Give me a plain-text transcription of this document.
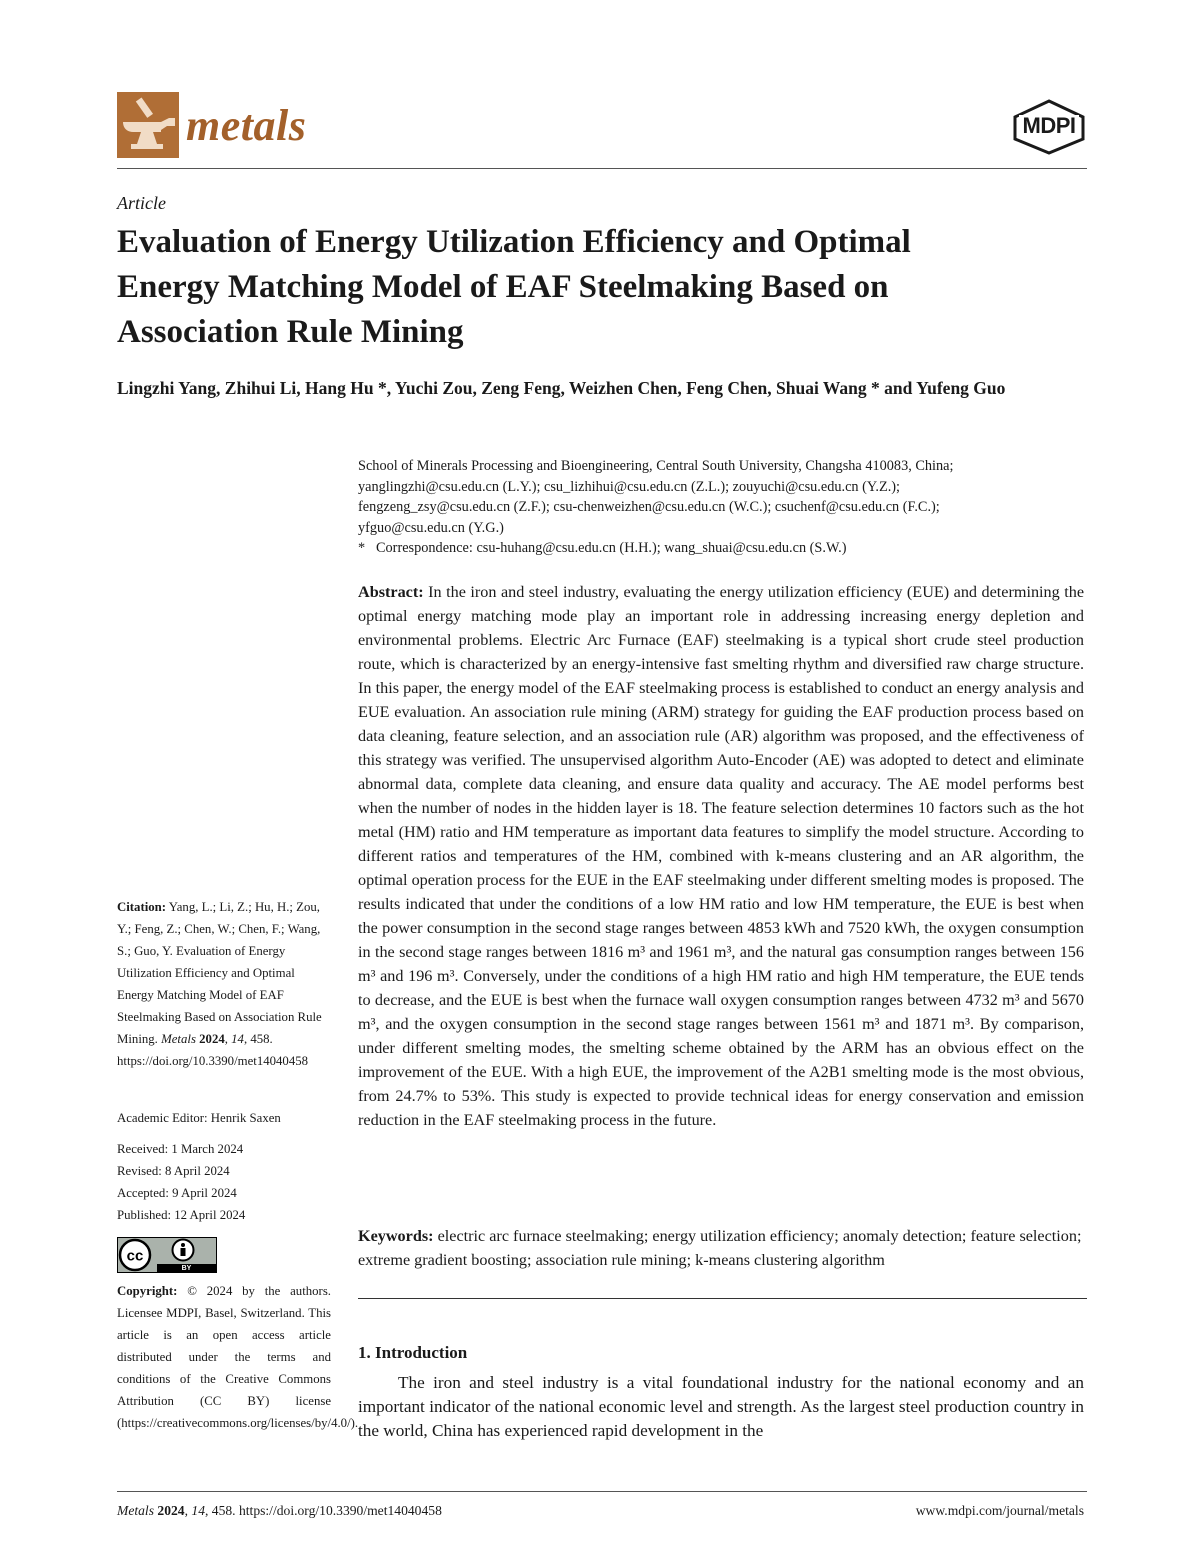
metals	MDPI
Article
Evaluation of Energy Utilization Efficiency and Optimal Energy Matching Model of EAF Steelmaking Based on Association Rule Mining

Lingzhi Yang, Zhihui Li, Hang Hu *, Yuchi Zou, Zeng Feng, Weizhen Chen, Feng Chen, Shuai Wang * and Yufeng Guo

School of Minerals Processing and Bioengineering, Central South University, Changsha 410083, China;
yanglingzhi@csu.edu.cn (L.Y.); csu_lizhihui@csu.edu.cn (Z.L.); zouyuchi@csu.edu.cn (Y.Z.);
fengzeng_zsy@csu.edu.cn (Z.F.); csu-chenweizhen@csu.edu.cn (W.C.); csuchenf@csu.edu.cn (F.C.);
yfguo@csu.edu.cn (Y.G.)
* Correspondence: csu-huhang@csu.edu.cn (H.H.); wang_shuai@csu.edu.cn (S.W.)

Abstract: In the iron and steel industry, evaluating the energy utilization efficiency (EUE) and determining the optimal energy matching mode play an important role in addressing increasing energy depletion and environmental problems. Electric Arc Furnace (EAF) steelmaking is a typical short crude steel production route, which is characterized by an energy-intensive fast smelting rhythm and diversified raw charge structure. In this paper, the energy model of the EAF steelmaking process is established to conduct an energy analysis and EUE evaluation. An association rule mining (ARM) strategy for guiding the EAF production process based on data cleaning, feature selection, and an association rule (AR) algorithm was proposed, and the effectiveness of this strategy was verified. The unsupervised algorithm Auto-Encoder (AE) was adopted to detect and eliminate abnormal data, complete data cleaning, and ensure data quality and accuracy. The AE model performs best when the number of nodes in the hidden layer is 18. The feature selection determines 10 factors such as the hot metal (HM) ratio and HM temperature as important data features to simplify the model structure. According to different ratios and temperatures of the HM, combined with k-means clustering and an AR algorithm, the optimal operation process for the EUE in the EAF steelmaking under different smelting modes is proposed. The results indicated that under the conditions of a low HM ratio and low HM temperature, the EUE is best when the power consumption in the second stage ranges between 4853 kWh and 7520 kWh, the oxygen consumption in the second stage ranges between 1816 m³ and 1961 m³, and the natural gas consumption ranges between 156 m³ and 196 m³. Conversely, under the conditions of a high HM ratio and high HM temperature, the EUE tends to decrease, and the EUE is best when the furnace wall oxygen consumption ranges between 4732 m³ and 5670 m³, and the oxygen consumption in the second stage ranges between 1561 m³ and 1871 m³. By comparison, under different smelting modes, the smelting scheme obtained by the ARM has an obvious effect on the improvement of the EUE. With a high EUE, the improvement of the A2B1 smelting mode is the most obvious, from 24.7% to 53%. This study is expected to provide technical ideas for energy conservation and emission reduction in the EAF steelmaking process in the future.

Keywords: electric arc furnace steelmaking; energy utilization efficiency; anomaly detection; feature selection; extreme gradient boosting; association rule mining; k-means clustering algorithm

1. Introduction

The iron and steel industry is a vital foundational industry for the national economy and an important indicator of the national economic level and strength. As the largest steel production country in the world, China has experienced rapid development in the

Citation: Yang, L.; Li, Z.; Hu, H.; Zou, Y.; Feng, Z.; Chen, W.; Chen, F.; Wang, S.; Guo, Y. Evaluation of Energy Utilization Efficiency and Optimal Energy Matching Model of EAF Steelmaking Based on Association Rule Mining. Metals 2024, 14, 458. https://doi.org/10.3390/met14040458

Academic Editor: Henrik Saxen

Received: 1 March 2024

Revised: 8 April 2024

Accepted: 9 April 2024

Published: 12 April 2024

cc
BY

Copyright: © 2024 by the authors. Licensee MDPI, Basel, Switzerland. This article is an open access article distributed under the terms and conditions of the Creative Commons Attribution (CC BY) license (https://creativecommons.org/licenses/by/4.0/).

Metals 2024, 14, 458. https://doi.org/10.3390/met14040458	www.mdpi.com/journal/metals
